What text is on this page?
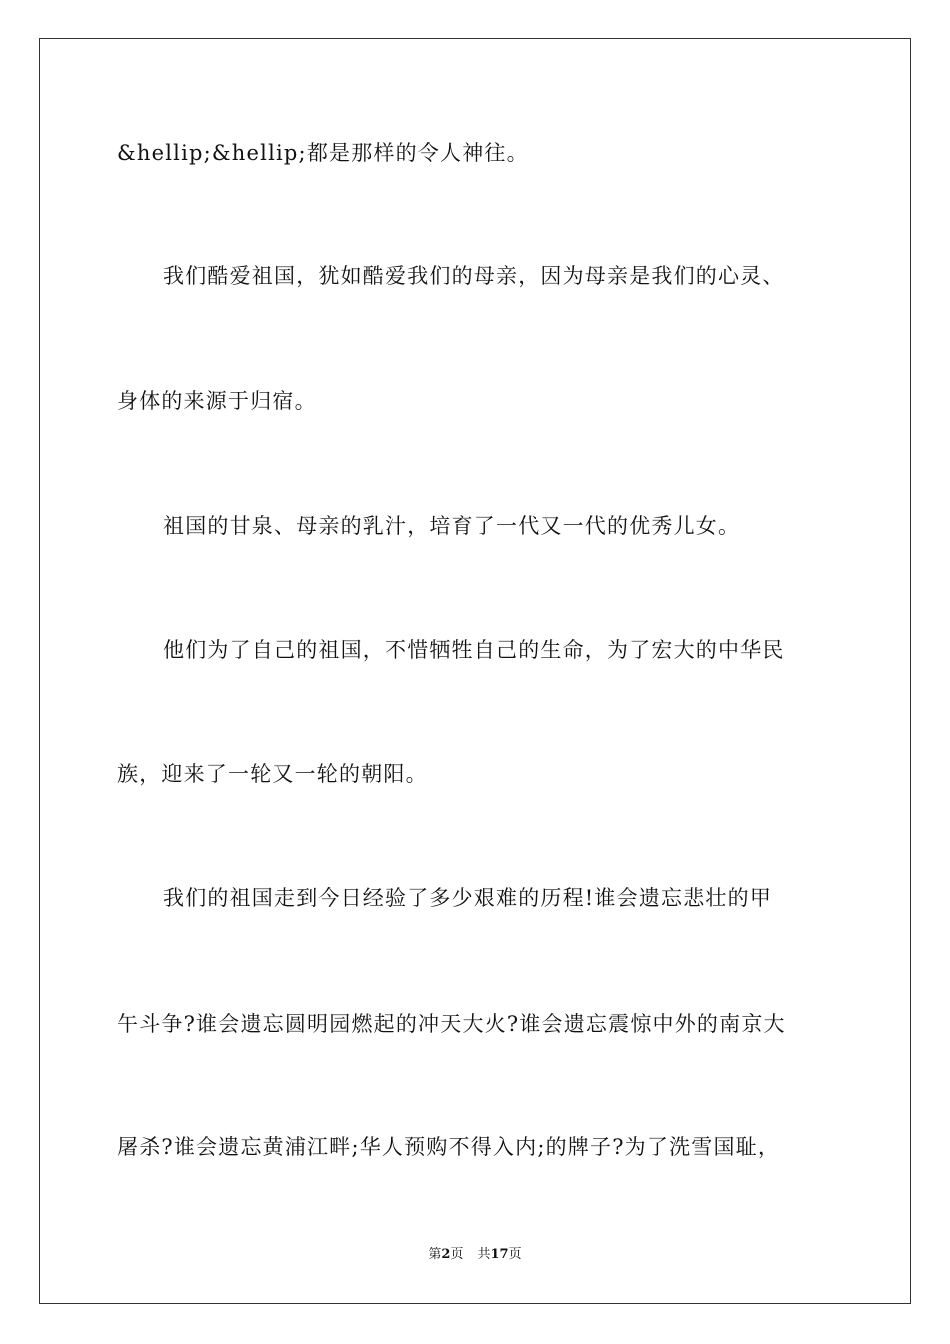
&hellip;&hellip;都是那样的令人神往。
我们酷爱祖国，犹如酷爱我们的母亲，因为母亲是我们的心灵、
身体的来源于归宿。
祖国的甘泉、母亲的乳汁，培育了一代又一代的优秀儿女。
他们为了自己的祖国，不惜牺牲自己的生命，为了宏大的中华民
族，迎来了一轮又一轮的朝阳。
我们的祖国走到今日经验了多少艰难的历程!谁会遗忘悲壮的甲
午斗争?谁会遗忘圆明园燃起的冲天大火?谁会遗忘震惊中外的南京大
屠杀?谁会遗忘黄浦江畔;华人预购不得入内;的牌子?为了洗雪国耻，
第2页 共17页
